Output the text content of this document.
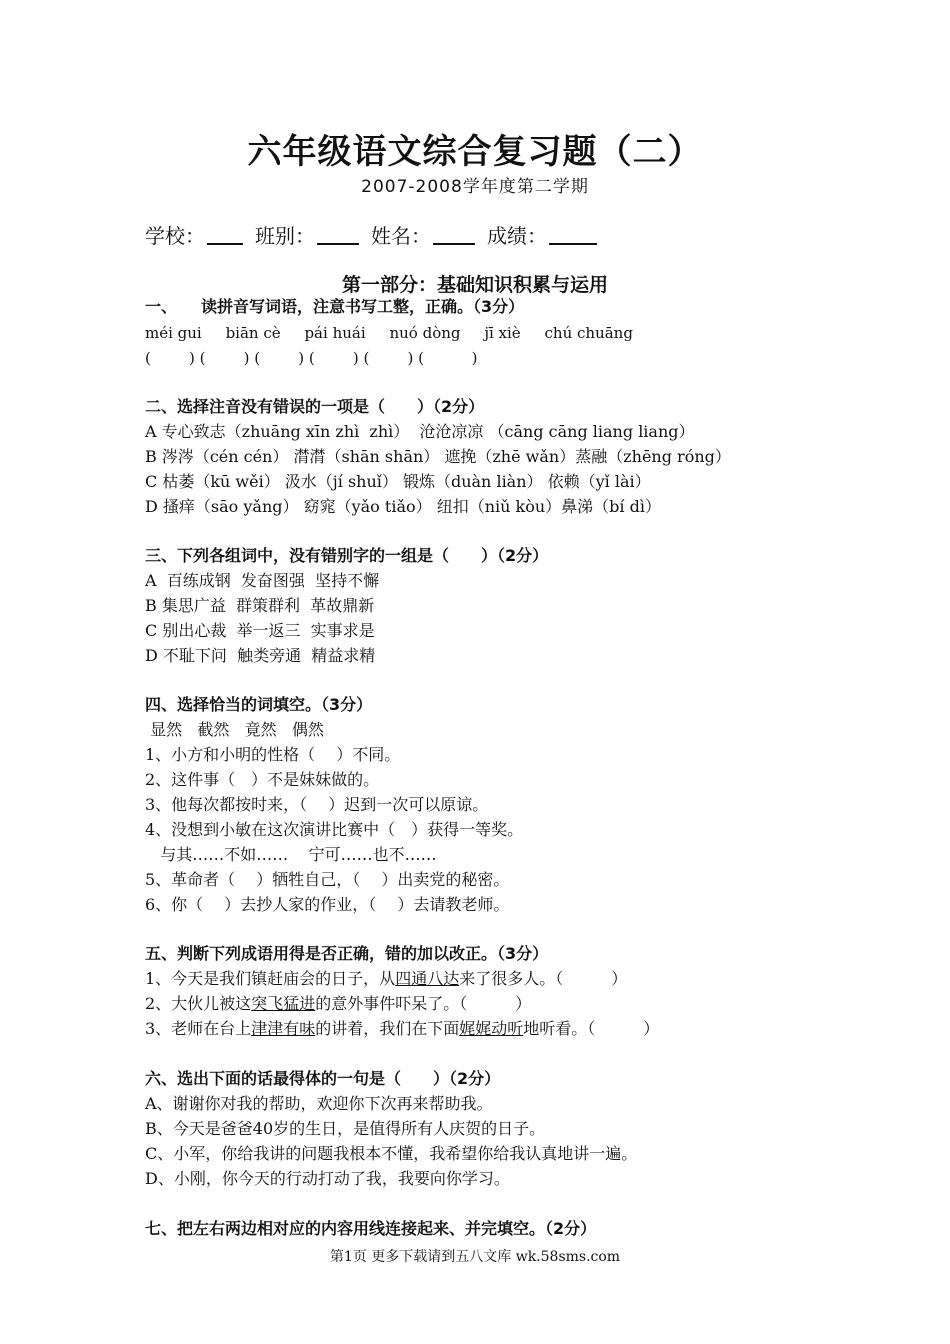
六年级语文综合复习题（二）
2007-2008学年度第二学期
学校：	班别：	姓名：	成绩：
第一部分：基础知识积累与运用
一、　　读拼音写词语，注意书写工整，正确。（3分）
méi gui     biān cè     pái huái     nuó dòng     jī xiè     chú chuāng
(        ) (        ) (        ) (        ) (        ) (          )
二、选择注音没有错误的一项是（　　）（2分）
A 专心致志（zhuāng xīn zhì  zhì）  沧沧凉凉 （cāng cāng liang liang）
B 涔涔（cén cén） 潸潸（shān shān） 遮挽（zhē wǎn）蒸融（zhēng róng）
C 枯萎（kū wěi） 汲水（jí shuǐ） 锻炼（duàn liàn） 依赖（yǐ lài）
D 搔痒（sāo yǎng） 窈窕（yǎo tiǎo） 纽扣（niǔ kòu）鼻涕（bí dì）
三、下列各组词中，没有错别字的一组是（　　）（2分）
A  百练成钢  发奋图强  坚持不懈
B 集思广益  群策群利  革故鼎新
C 别出心裁  举一返三  实事求是
D 不耻下问  触类旁通  精益求精
四、选择恰当的词填空。（3分）
显然   截然   竟然   偶然
1、小方和小明的性格（　 ）不同。
2、这件事（　）不是妹妹做的。
3、他每次都按时来，（　 ）迟到一次可以原谅。
4、没想到小敏在这次演讲比赛中（　）获得一等奖。
与其……不如……    宁可……也不……
5、革命者（　 ）牺牲自己，（　 ）出卖党的秘密。
6、你（　 ）去抄人家的作业，（　 ）去请教老师。
五、判断下列成语用得是否正确，错的加以改正。（3分）
1、今天是我们镇赶庙会的日子，从四通八达来了很多人。（　　　）
2、大伙儿被这突飞猛进的意外事件吓呆了。（　　　）
3、老师在台上津津有味的讲着，我们在下面娓娓动听地听看。（　　　）
六、选出下面的话最得体的一句是（　　）（2分）
A、谢谢你对我的帮助，欢迎你下次再来帮助我。
B、今天是爸爸40岁的生日，是值得所有人庆贺的日子。
C、小军，你给我讲的问题我根本不懂，我希望你给我认真地讲一遍。
D、小刚，你今天的行动打动了我，我要向你学习。
七、把左右两边相对应的内容用线连接起来、并完填空。（2分）
第1页 更多下载请到五八文库 wk.58sms.com
